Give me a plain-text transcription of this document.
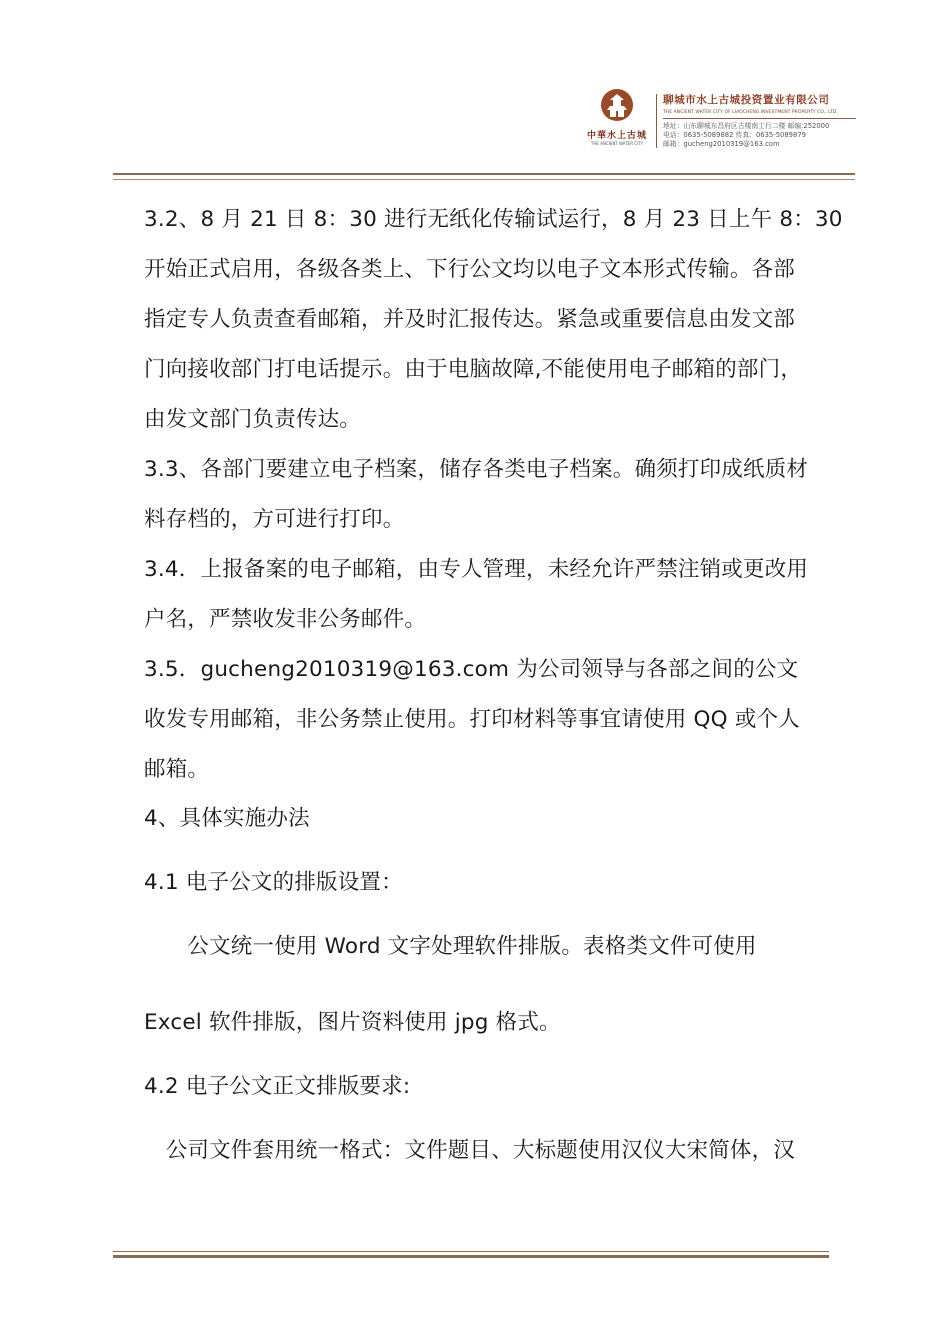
中華水上古城
THE ANCIENT WATER CITY
聊城市水上古城投资置业有限公司
THE ANCIENT WATER CITY OF LIAOCHENG INVESTMENT PROPERTY CO., LTD.
地址：山东聊城东昌府区古楼南工行二楼 邮编:252000
电话：0635-5089882 传真：0635-5089879
邮箱：gucheng2010319@163.com
3.2、8 月 21 日 8：30 进行无纸化传输试运行，8 月 23 日上午 8：30
开始正式启用，各级各类上、下行公文均以电子文本形式传输。各部
指定专人负责查看邮箱，并及时汇报传达。紧急或重要信息由发文部
门向接收部门打电话提示。由于电脑故障,不能使用电子邮箱的部门，
由发文部门负责传达。
3.3、各部门要建立电子档案，储存各类电子档案。确须打印成纸质材
料存档的，方可进行打印。
3.4．上报备案的电子邮箱，由专人管理，未经允许严禁注销或更改用
户名，严禁收发非公务邮件。
3.5．gucheng2010319@163.com 为公司领导与各部之间的公文
收发专用邮箱，非公务禁止使用。打印材料等事宜请使用 QQ 或个人
邮箱。
4、具体实施办法
4.1 电子公文的排版设置：
　　公文统一使用 Word 文字处理软件排版。表格类文件可使用
Excel 软件排版，图片资料使用 jpg 格式。
4.2 电子公文正文排版要求:
　公司文件套用统一格式：文件题目、大标题使用汉仪大宋简体，汉
